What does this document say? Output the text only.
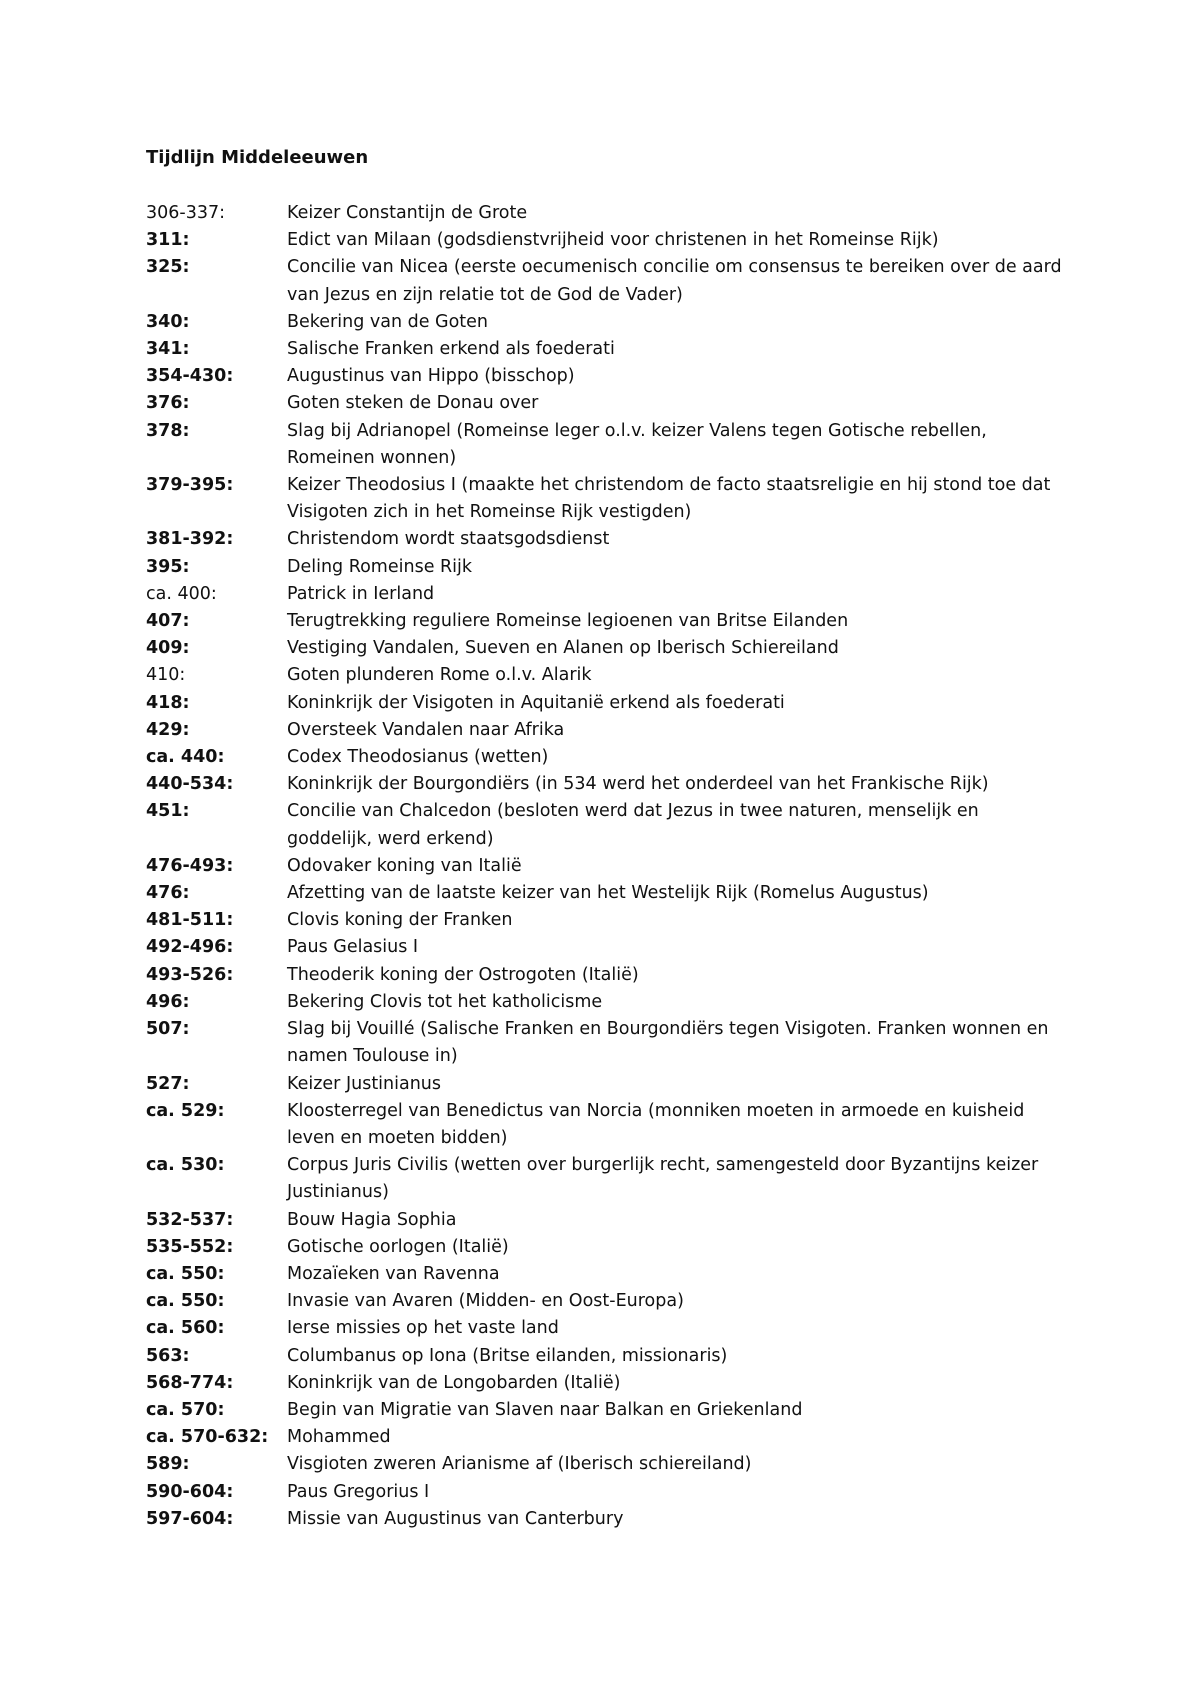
Tijdlijn Middeleeuwen
306-337:	Keizer Constantijn de Grote
311:	Edict van Milaan (godsdienstvrijheid voor christenen in het Romeinse Rijk)
325:	Concilie van Nicea (eerste oecumenisch concilie om consensus te bereiken over de aard van Jezus en zijn relatie tot de God de Vader)
340:	Bekering van de Goten
341:	Salische Franken erkend als foederati
354-430:	Augustinus van Hippo (bisschop)
376:	Goten steken de Donau over
378:	Slag bij Adrianopel (Romeinse leger o.l.v. keizer Valens tegen Gotische rebellen, Romeinen wonnen)
379-395:	Keizer Theodosius I (maakte het christendom de facto staatsreligie en hij stond toe dat Visigoten zich in het Romeinse Rijk vestigden)
381-392:	Christendom wordt staatsgodsdienst
395:	Deling Romeinse Rijk
ca. 400:	Patrick in Ierland
407:	Terugtrekking reguliere Romeinse legioenen van Britse Eilanden
409:	Vestiging Vandalen, Sueven en Alanen op Iberisch Schiereiland
410:	Goten plunderen Rome o.l.v. Alarik
418:	Koninkrijk der Visigoten in Aquitanië erkend als foederati
429:	Oversteek Vandalen naar Afrika
ca. 440:	Codex Theodosianus (wetten)
440-534:	Koninkrijk der Bourgondiërs (in 534 werd het onderdeel van het Frankische Rijk)
451:	Concilie van Chalcedon (besloten werd dat Jezus in twee naturen, menselijk en goddelijk, werd erkend)
476-493:	Odovaker koning van Italië
476:	Afzetting van de laatste keizer van het Westelijk Rijk (Romelus Augustus)
481-511:	Clovis koning der Franken
492-496:	Paus Gelasius I
493-526:	Theoderik koning der Ostrogoten (Italië)
496:	Bekering Clovis tot het katholicisme
507:	Slag bij Vouillé (Salische Franken en Bourgondiërs tegen Visigoten. Franken wonnen en namen Toulouse in)
527:	Keizer Justinianus
ca. 529:	Kloosterregel van Benedictus van Norcia (monniken moeten in armoede en kuisheid leven en moeten bidden)
ca. 530:	Corpus Juris Civilis (wetten over burgerlijk recht, samengesteld door Byzantijns keizer Justinianus)
532-537:	Bouw Hagia Sophia
535-552:	Gotische oorlogen (Italië)
ca. 550:	Mozaïeken van Ravenna
ca. 550:	Invasie van Avaren (Midden- en Oost-Europa)
ca. 560:	Ierse missies op het vaste land
563:	Columbanus op Iona (Britse eilanden, missionaris)
568-774:	Koninkrijk van de Longobarden (Italië)
ca. 570:	Begin van Migratie van Slaven naar Balkan en Griekenland
ca. 570-632:	Mohammed
589:	Visgioten zweren Arianisme af (Iberisch schiereiland)
590-604:	Paus Gregorius I
597-604:	Missie van Augustinus van Canterbury
